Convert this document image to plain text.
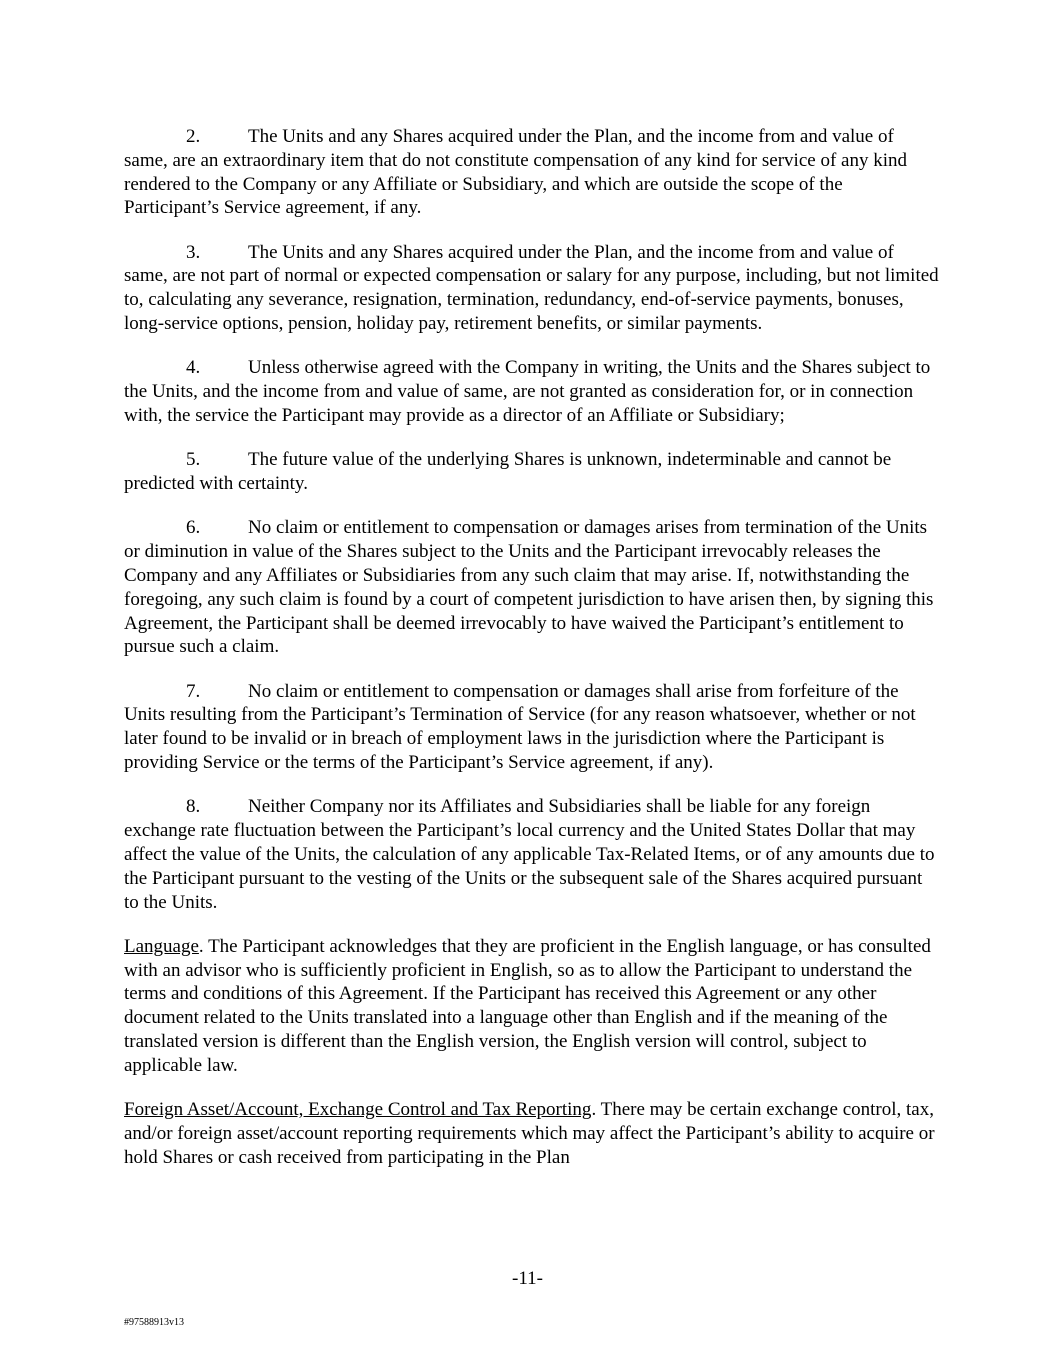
2.	The Units and any Shares acquired under the Plan, and the income from and value of same, are an extraordinary item that do not constitute compensation of any kind for service of any kind rendered to the Company or any Affiliate or Subsidiary, and which are outside the scope of the Participant’s Service agreement, if any.

3.	The Units and any Shares acquired under the Plan, and the income from and value of same, are not part of normal or expected compensation or salary for any purpose, including, but not limited to, calculating any severance, resignation, termination, redundancy, end-of-service payments, bonuses, long-service options, pension, holiday pay, retirement benefits, or similar payments.

4.	Unless otherwise agreed with the Company in writing, the Units and the Shares subject to the Units, and the income from and value of same, are not granted as consideration for, or in connection with, the service the Participant may provide as a director of an Affiliate or Subsidiary;

5.	The future value of the underlying Shares is unknown, indeterminable and cannot be predicted with certainty.

6.	No claim or entitlement to compensation or damages arises from termination of the Units or diminution in value of the Shares subject to the Units and the Participant irrevocably releases the Company and any Affiliates or Subsidiaries from any such claim that may arise. If, notwithstanding the foregoing, any such claim is found by a court of competent jurisdiction to have arisen then, by signing this Agreement, the Participant shall be deemed irrevocably to have waived the Participant’s entitlement to pursue such a claim.

7.	No claim or entitlement to compensation or damages shall arise from forfeiture of the Units resulting from the Participant’s Termination of Service (for any reason whatsoever, whether or not later found to be invalid or in breach of employment laws in the jurisdiction where the Participant is providing Service or the terms of the Participant’s Service agreement, if any).

8.	Neither Company nor its Affiliates and Subsidiaries shall be liable for any foreign exchange rate fluctuation between the Participant’s local currency and the United States Dollar that may affect the value of the Units, the calculation of any applicable Tax-Related Items, or of any amounts due to the Participant pursuant to the vesting of the Units or the subsequent sale of the Shares acquired pursuant to the Units.

Language. The Participant acknowledges that they are proficient in the English language, or has consulted with an advisor who is sufficiently proficient in English, so as to allow the Participant to understand the terms and conditions of this Agreement. If the Participant has received this Agreement or any other document related to the Units translated into a language other than English and if the meaning of the translated version is different than the English version, the English version will control, subject to applicable law.

Foreign Asset/Account, Exchange Control and Tax Reporting. There may be certain exchange control, tax, and/or foreign asset/account reporting requirements which may affect the Participant’s ability to acquire or hold Shares or cash received from participating in the Plan

-11-
#97588913v13
